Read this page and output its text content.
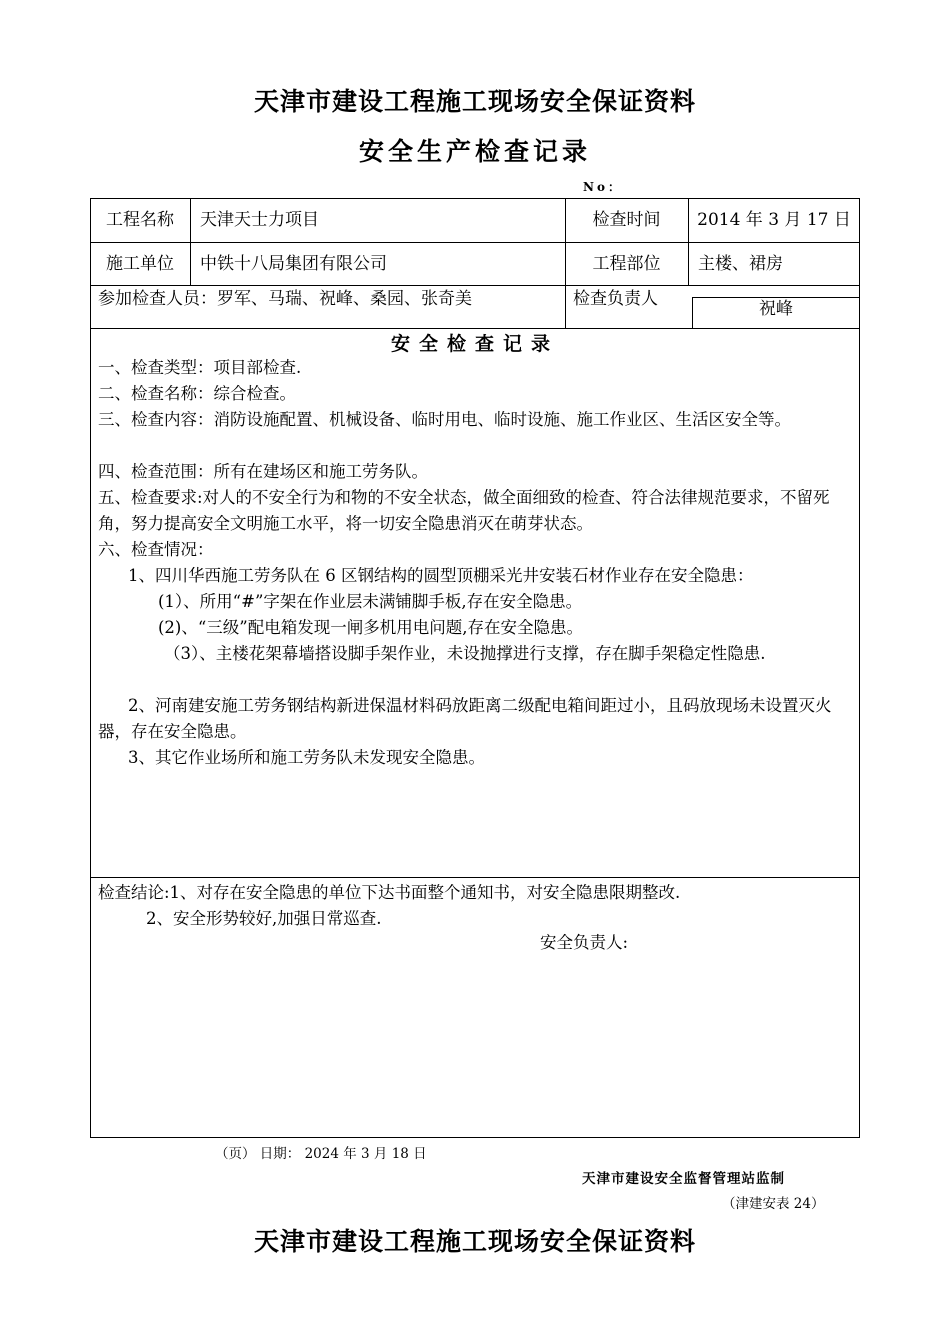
天津市建设工程施工现场安全保证资料
安全生产检查记录
No：
工程名称	天津天士力项目	检查时间	2014 年 3 月 17 日
施工单位	中铁十八局集团有限公司	工程部位	主楼、裙房
参加检查人员：罗军、马瑞、祝峰、桑园、张奇美	检查负责人	祝峰
安全检查记录
一、检查类型：项目部检查.
二、检查名称：综合检查。
三、检查内容：消防设施配置、机械设备、临时用电、临时设施、施工作业区、生活区安全等。
四、检查范围：所有在建场区和施工劳务队。
五、检查要求:对人的不安全行为和物的不安全状态，做全面细致的检查、符合法律规范要求，不留死角，努力提高安全文明施工水平，将一切安全隐患消灭在萌芽状态。
六、检查情况：
1、四川华西施工劳务队在 6 区钢结构的圆型顶棚采光井安装石材作业存在安全隐患：
(1）、所用“#”字架在作业层未满铺脚手板,存在安全隐患。
(2)、“三级”配电箱发现一闸多机用电问题,存在安全隐患。
（3）、主楼花架幕墙搭设脚手架作业，未设抛撑进行支撑，存在脚手架稳定性隐患.
2、河南建安施工劳务钢结构新进保温材料码放距离二级配电箱间距过小，且码放现场未设置灭火器，存在安全隐患。
3、其它作业场所和施工劳务队未发现安全隐患。
检查结论:1、对存在安全隐患的单位下达书面整个通知书，对安全隐患限期整改.
2、安全形势较好,加强日常巡查.
安全负责人:
（页） 日期： 2024 年 3 月 18 日
天津市建设安全监督管理站监制
（津建安表 24）
天津市建设工程施工现场安全保证资料
